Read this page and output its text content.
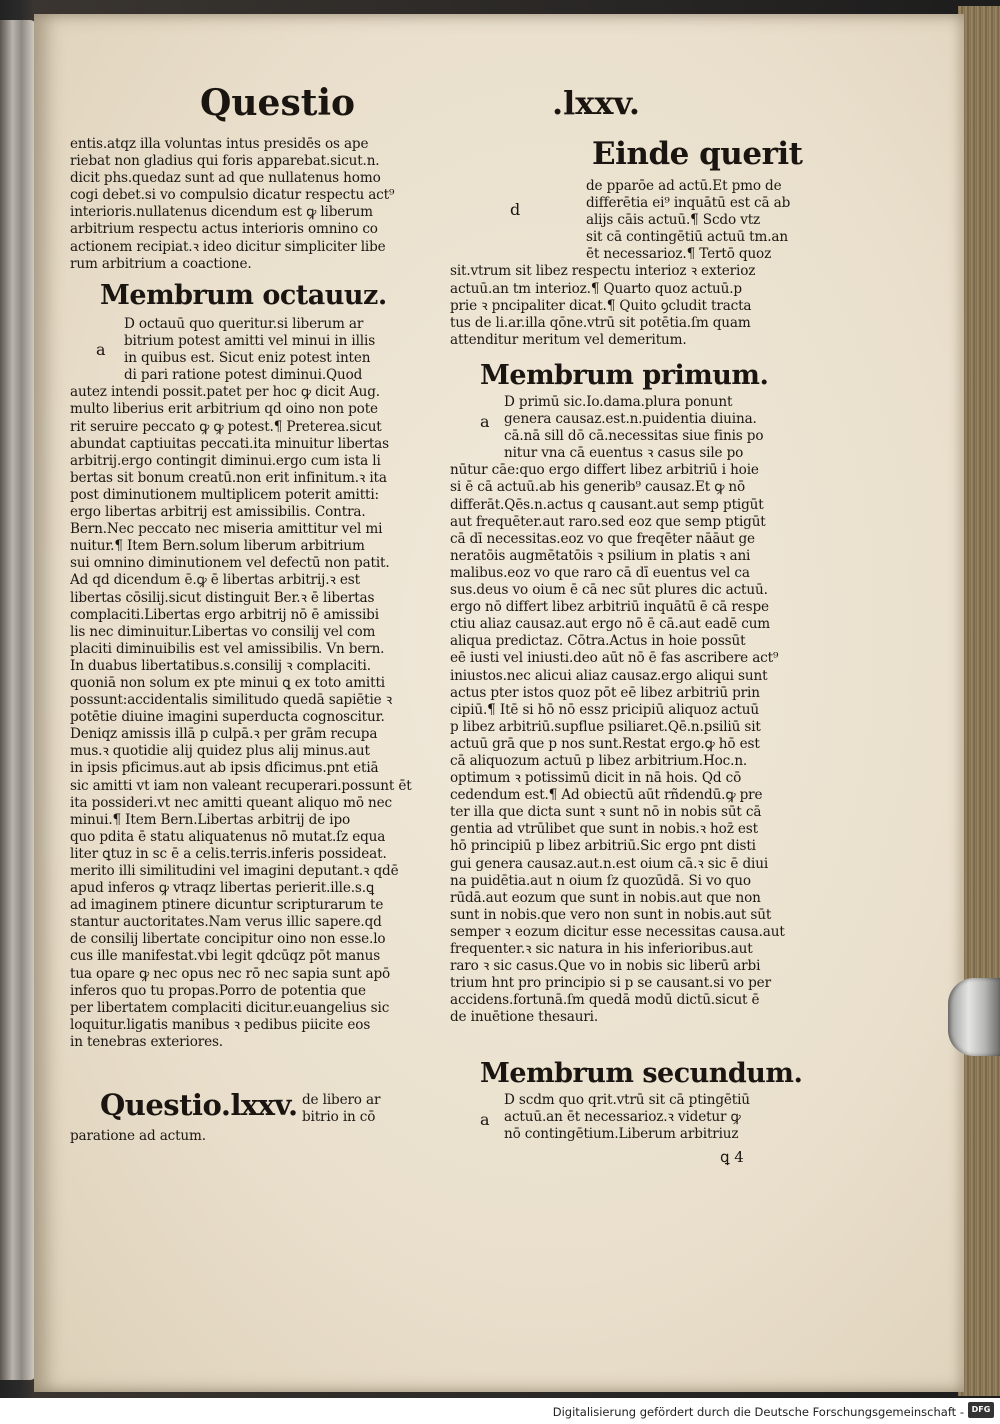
Questio	.lxxv.
entis.atqz illa voluntas intus presidēs os ape
riebat non gladius qui foris apparebat.sicut.n.
dicit phs.quedaz sunt ad que nullatenus homo
cogi debet.si vo compulsio dicatur respectu act⁹
interioris.nullatenus dicendum est ꝙ liberum
arbitrium respectu actus interioris omnino co
actionem recipiat.ꝛ ideo dicitur simpliciter libe
rum arbitrium a coactione.
Membrum octauuz.
a
D octauū quo queritur.si liberum ar
bitrium potest amitti vel minui in illis
in quibus est. Sicut eniz potest inten
di pari ratione potest diminui.Quod
autez intendi possit.patet per hoc ꝙ dicit Aug.
multo liberius erit arbitrium qd oino non pote
rit seruire peccato ꝙ ꝙ potest.¶ Preterea.sicut
abundat captiuitas peccati.ita minuitur libertas
arbitrij.ergo contingit diminui.ergo cum ista li
bertas sit bonum creatū.non erit infinitum.ꝛ ita
post diminutionem multiplicem poterit amitti:
ergo libertas arbitrij est amissibilis. Contra.
Bern.Nec peccato nec miseria amittitur vel mi
nuitur.¶ Item Bern.solum liberum arbitrium
sui omnino diminutionem vel defectū non patit.
Ad qd dicendum ē.ꝙ ē libertas arbitrij.ꝛ est
libertas cōsilij.sicut distinguit Ber.ꝛ ē libertas
complaciti.Libertas ergo arbitrij nō ē amissibi
lis nec diminuitur.Libertas vo consilij vel com
placiti diminuibilis est vel amissibilis. Vn bern.
In duabus libertatibus.s.consilij ꝛ complaciti.
quoniā non solum ex pte minui ꝗ ex toto amitti
possunt:accidentalis similitudo quedā sapiētie ꝛ
potētie diuine imagini superducta cognoscitur.
Deniqz amissis illā p culpā.ꝛ per grām recupa
mus.ꝛ quotidie alij quidez plus alij minus.aut
in ipsis pficimus.aut ab ipsis dficimus.pnt etiā
sic amitti vt iam non valeant recuperari.possunt ēt
ita possideri.vt nec amitti queant aliquo mō nec
minui.¶ Item Bern.Libertas arbitrij de ipo
quo pdita ē statu aliquatenus nō mutat.ſz equa
liter ꝗtuz in sc ē a celis.terris.inferis possideat.
merito illi similitudini vel imagini deputant.ꝛ qdē
apud inferos ꝙ vtraqz libertas perierit.ille.s.ꝗ
ad imaginem ptinere dicuntur scripturarum te
stantur auctoritates.Nam verus illic sapere.qd
de consilij libertate concipitur oino non esse.lo
cus ille manifestat.vbi legit qdcūqz pōt manus
tua opare ꝙ nec opus nec rō nec sapia sunt apō
inferos quo tu propas.Porro de potentia que
per libertatem complaciti dicitur.euangelius sic
loquitur.ligatis manibus ꝛ pedibus piicite eos
in tenebras exteriores.
Questio.lxxv. de libero ar
bitrio in cō
paratione ad actum.
Einde querit
d
de pparōe ad actū.Et pmo de
differētia ei⁹ inquātū est cā ab
alijs cāis actuū.¶ Scdo vtz
sit cā contingētiū actuū tm.an
ēt necessarioz.¶ Tertō quoz
sit.vtrum sit libez respectu interioz ꝛ exterioz
actuū.an tm interioz.¶ Quarto quoz actuū.p
prie ꝛ pncipaliter dicat.¶ Quito ꝯcludit tracta
tus de li.ar.illa qōne.vtrū sit potētia.ſm quam
attenditur meritum vel demeritum.
Membrum primum.
a
D primū sic.Io.dama.plura ponunt
genera causaz.est.n.puidentia diuina.
cā.nā sill dō cā.necessitas siue finis po
nitur vna cā euentus ꝛ casus sile po
nūtur cāe:quo ergo differt libez arbitriū i hoie
si ē cā actuū.ab his generib⁹ causaz.Et ꝙ nō
differāt.Qēs.n.actus q causant.aut semp ptigūt
aut frequēter.aut raro.sed eoz que semp ptigūt
cā dī necessitas.eoz vo que freqēter nāāut ge
neratōis augmētatōis ꝛ psilium in platis ꝛ ani
malibus.eoz vo que raro cā dī euentus vel ca
sus.deus vo oium ē cā nec sūt plures dic actuū.
ergo nō differt libez arbitriū inquātū ē cā respe
ctiu aliaz causaz.aut ergo nō ē cā.aut eadē cum
aliqua predictaz. Cōtra.Actus in hoie possūt
eē iusti vel iniusti.deo aūt nō ē fas ascribere act⁹
iniustos.nec alicui aliaz causaz.ergo aliqui sunt
actus pter istos quoz pōt eē libez arbitriū prin
cipiū.¶ Itē si hō nō essz pricipiū aliquoz actuū
p libez arbitriū.supflue psiliaret.Qē.n.psiliū sit
actuū grā que p nos sunt.Restat ergo.ꝙ hō est
cā aliquozum actuū p libez arbitrium.Hoc.n.
optimum ꝛ potissimū dicit in nā hois. Qd cō
cedendum est.¶ Ad obiectū aūt rñdendū.ꝙ pre
ter illa que dicta sunt ꝛ sunt nō in nobis sūt cā
gentia ad vtrūlibet que sunt in nobis.ꝛ hoz̄ est
hō principiū p libez arbitriū.Sic ergo pnt disti
gui genera causaz.aut.n.est oium cā.ꝛ sic ē diui
na puidētia.aut n oium ſz quozūdā. Si vo quo
rūdā.aut eozum que sunt in nobis.aut que non
sunt in nobis.que vero non sunt in nobis.aut sūt
semper ꝛ eozum dicitur esse necessitas causa.aut
frequenter.ꝛ sic natura in his inferioribus.aut
raro ꝛ sic casus.Que vo in nobis sic liberū arbi
trium hnt pro principio si p se causant.si vo per
accidens.fortunā.ſm quedā modū dictū.sicut ē
de inuētione thesauri.
Membrum secundum.
a
D scdm quo qrit.vtrū sit cā ptingētiū
actuū.an ēt necessarioz.ꝛ videtur ꝙ
nō contingētium.Liberum arbitriuz
ꝗ 4
Digitalisierung gefördert durch die Deutsche Forschungsgemeinschaft - DFG
